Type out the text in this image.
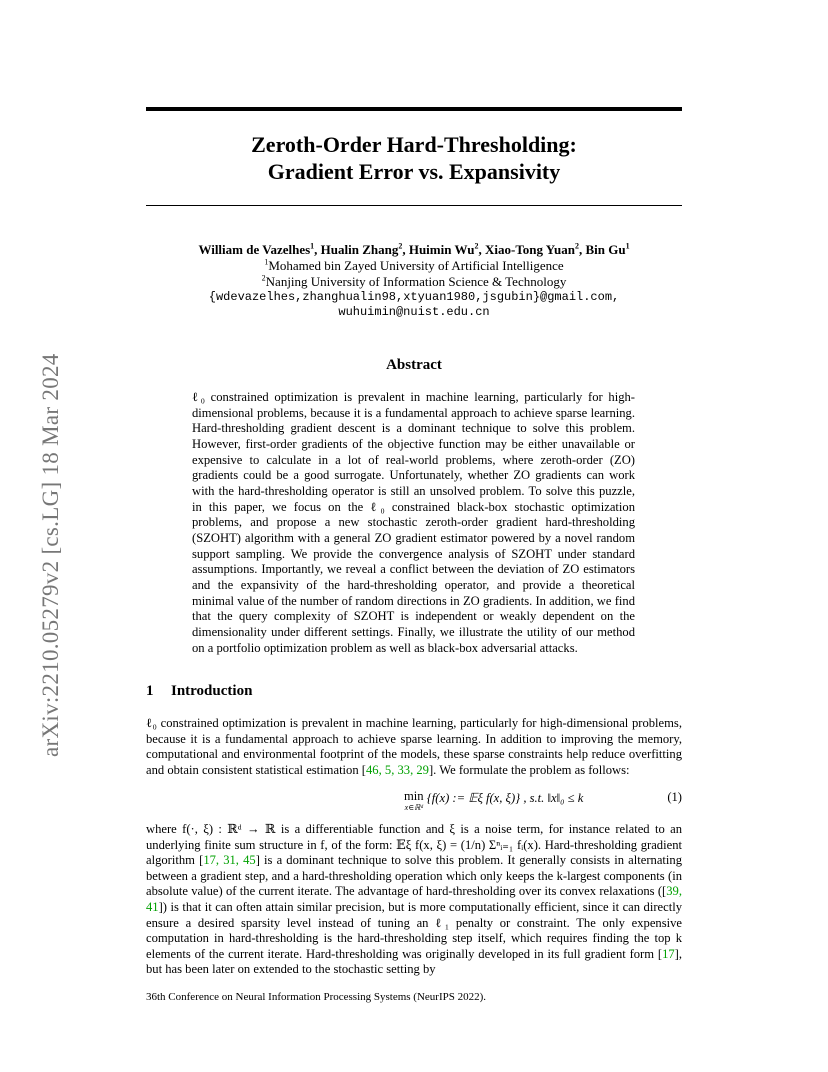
arXiv:2210.05279v2 [cs.LG] 18 Mar 2024
Zeroth-Order Hard-Thresholding:
Gradient Error vs. Expansivity
William de Vazelhes$^1$, Hualin Zhang$^2$, Huimin Wu$^2$, Xiao-Tong Yuan$^2$, Bin Gu$^1$
$^1$Mohamed bin Zayed University of Artificial Intelligence
$^2$Nanjing University of Information Science & Technology
{wdevazelhes,zhanghualin98,xtyuan1980,jsgubin}@gmail.com,
wuhuimin@nuist.edu.cn
Abstract
ℓ₀ constrained optimization is prevalent in machine learning, particularly for high-dimensional problems, because it is a fundamental approach to achieve sparse learning. Hard-thresholding gradient descent is a dominant technique to solve this problem. However, first-order gradients of the objective function may be either unavailable or expensive to calculate in a lot of real-world problems, where zeroth-order (ZO) gradients could be a good surrogate. Unfortunately, whether ZO gradients can work with the hard-thresholding operator is still an unsolved problem. To solve this puzzle, in this paper, we focus on the ℓ₀ constrained black-box stochastic optimization problems, and propose a new stochastic zeroth-order gradient hard-thresholding (SZOHT) algorithm with a general ZO gradient estimator powered by a novel random support sampling. We provide the convergence analysis of SZOHT under standard assumptions. Importantly, we reveal a conflict between the deviation of ZO estimators and the expansivity of the hard-thresholding operator, and provide a theoretical minimal value of the number of random directions in ZO gradients. In addition, we find that the query complexity of SZOHT is independent or weakly dependent on the dimensionality under different settings. Finally, we illustrate the utility of our method on a portfolio optimization problem as well as black-box adversarial attacks.
1 Introduction
ℓ₀ constrained optimization is prevalent in machine learning, particularly for high-dimensional problems, because it is a fundamental approach to achieve sparse learning. In addition to improving the memory, computational and environmental footprint of the models, these sparse constraints help reduce overfitting and obtain consistent statistical estimation [46, 5, 33, 29]. We formulate the problem as follows:
min
x∈ℝᵈ
{f(x) := 𝔼ξ f(x, ξ)} , s.t. ‖x‖₀ ≤ k	(1)
where f(·, ξ) : ℝᵈ → ℝ is a differentiable function and ξ is a noise term, for instance related to an underlying finite sum structure in f, of the form: 𝔼ξ f(x, ξ) = (1/n) Σⁿᵢ₌₁ fᵢ(x). Hard-thresholding gradient algorithm [17, 31, 45] is a dominant technique to solve this problem. It generally consists in alternating between a gradient step, and a hard-thresholding operation which only keeps the k-largest components (in absolute value) of the current iterate. The advantage of hard-thresholding over its convex relaxations ([39, 41]) is that it can often attain similar precision, but is more computationally efficient, since it can directly ensure a desired sparsity level instead of tuning an ℓ₁ penalty or constraint. The only expensive computation in hard-thresholding is the hard-thresholding step itself, which requires finding the top k elements of the current iterate. Hard-thresholding was originally developed in its full gradient form [17], but has been later on extended to the stochastic setting by
36th Conference on Neural Information Processing Systems (NeurIPS 2022).
